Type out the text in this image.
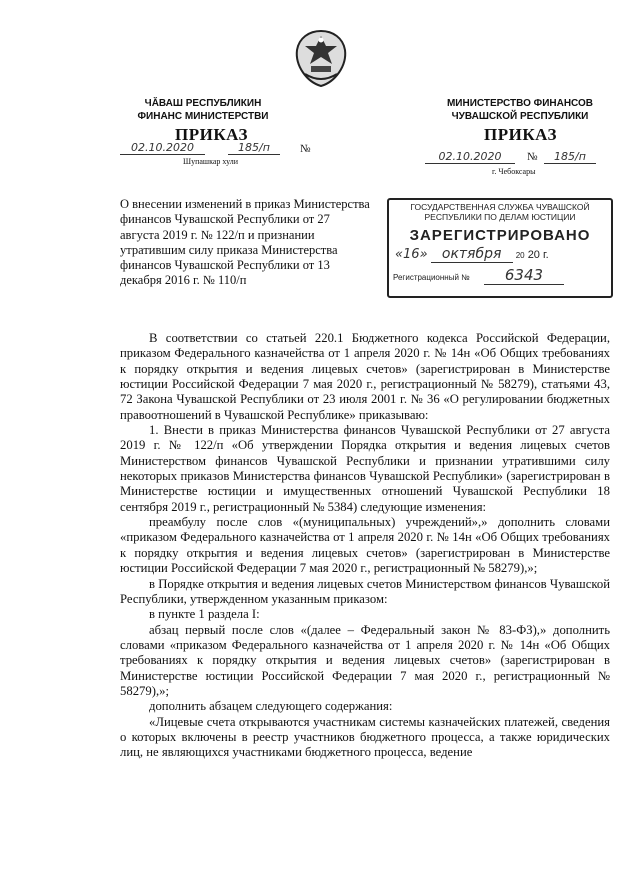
ЧĂВАШ РЕСПУБЛИКИН
ФИНАНС МИНИСТЕРСТВИ
МИНИСТЕРСТВО ФИНАНСОВ
ЧУВАШСКОЙ РЕСПУБЛИКИ
ПРИКАЗ
02.10.2020	185/п	№
Шупашкар хули
ПРИКАЗ
02.10.2020	№	185/п
г. Чебоксары
О внесении изменений в приказ Министерства финансов Чувашской Республики от 27 августа 2019 г. № 122/п и признании утратившим силу приказа Министерства финансов Чувашской Республики от 13 декабря 2016 г. № 110/п
ГОСУДАРСТВЕННАЯ СЛУЖБА ЧУВАШСКОЙ
РЕСПУБЛИКИ ПО ДЕЛАМ ЮСТИЦИИ
ЗАРЕГИСТРИРОВАНО
«16» октября 20 20 г.
Регистрационный № 6343

В соответствии со статьей 220.1 Бюджетного кодекса Российской Федерации, приказом Федерального казначейства от 1 апреля 2020 г. № 14н «Об Общих требованиях к порядку открытия и ведения лицевых счетов» (зарегистрирован в Министерстве юстиции Российской Федерации 7 мая 2020 г., регистрационный № 58279), статьями 43, 72 Закона Чувашской Республики от 23 июля 2001 г. № 36 «О регулировании бюджетных правоотношений в Чувашской Республике» приказываю:

1. Внести в приказ Министерства финансов Чувашской Республики от 27 августа 2019 г. № 122/п «Об утверждении Порядка открытия и ведения лицевых счетов Министерством финансов Чувашской Республики и признании утратившими силу некоторых приказов Министерства финансов Чувашской Республики» (зарегистрирован в Министерстве юстиции и имущественных отношений Чувашской Республики 18 сентября 2019 г., регистрационный № 5384) следующие изменения:

преамбулу после слов «(муниципальных) учреждений»,» дополнить словами «приказом Федерального казначейства от 1 апреля 2020 г. № 14н «Об Общих требованиях к порядку открытия и ведения лицевых счетов» (зарегистрирован в Министерстве юстиции Российской Федерации 7 мая 2020 г., регистрационный № 58279),»;

в Порядке открытия и ведения лицевых счетов Министерством финансов Чувашской Республики, утвержденном указанным приказом:

в пункте 1 раздела I:

абзац первый после слов «(далее – Федеральный закон № 83-ФЗ),» дополнить словами «приказом Федерального казначейства от 1 апреля 2020 г. № 14н «Об Общих требованиях к порядку открытия и ведения лицевых счетов» (зарегистрирован в Министерстве юстиции Российской Федерации 7 мая 2020 г., регистрационный № 58279),»;

дополнить абзацем следующего содержания:

«Лицевые счета открываются участникам системы казначейских платежей, сведения о которых включены в реестр участников бюджетного процесса, а также юридических лиц, не являющихся участниками бюджетного процесса, ведение
